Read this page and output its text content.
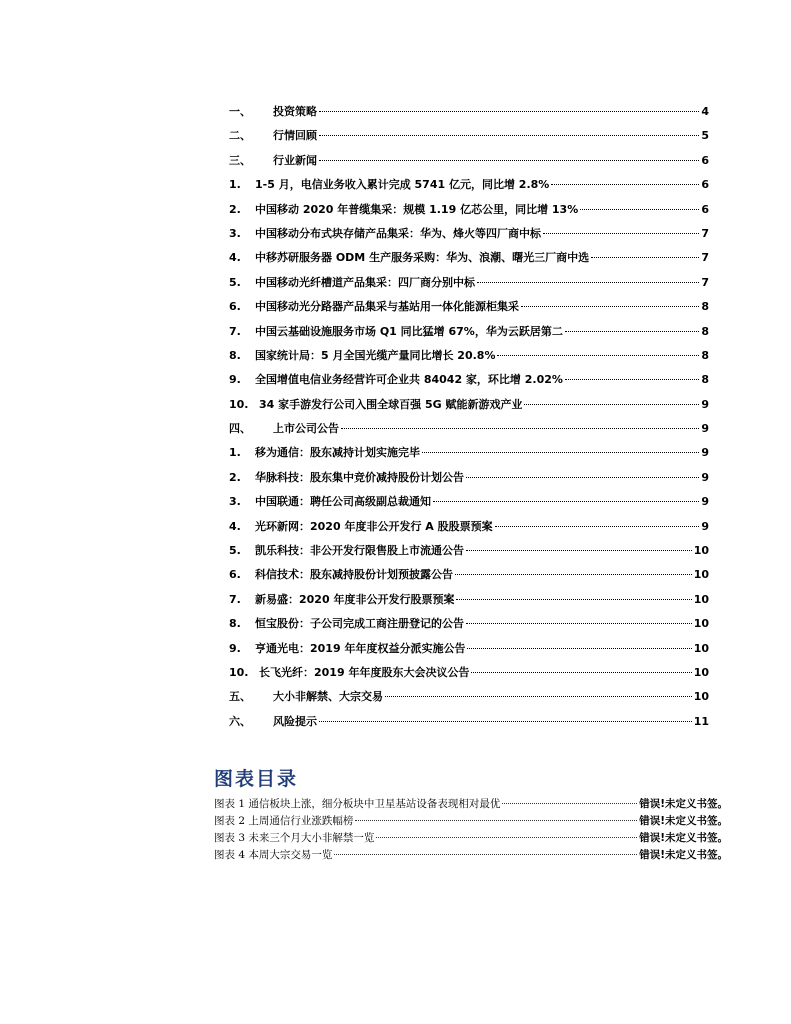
一、	投资策略	4
二、	行情回顾	5
三、	行业新闻	6
1.	1-5 月，电信业务收入累计完成 5741 亿元，同比增 2.8%	6
2.	中国移动 2020 年普缆集采：规模 1.19 亿芯公里，同比增 13%	6
3.	中国移动分布式块存储产品集采：华为、烽火等四厂商中标	7
4.	中移苏研服务器 ODM 生产服务采购：华为、浪潮、曙光三厂商中选	7
5.	中国移动光纤槽道产品集采：四厂商分别中标	7
6.	中国移动光分路器产品集采与基站用一体化能源柜集采	8
7.	中国云基础设施服务市场 Q1 同比猛增 67%，华为云跃居第二	8
8.	国家统计局：5 月全国光缆产量同比增长 20.8%	8
9.	全国增值电信业务经营许可企业共 84042 家，环比增 2.02%	8
10. 34 家手游发行公司入围全球百强 5G 赋能新游戏产业	9
四、	上市公司公告	9
1.	移为通信：股东减持计划实施完毕	9
2.	华脉科技：股东集中竞价减持股份计划公告	9
3.	中国联通：聘任公司高级副总裁通知	9
4.	光环新网：2020 年度非公开发行 A 股股票预案	9
5.	凯乐科技：非公开发行限售股上市流通公告	10
6.	科信技术：股东减持股份计划预披露公告	10
7.	新易盛：2020 年度非公开发行股票预案	10
8.	恒宝股份：子公司完成工商注册登记的公告	10
9.	亨通光电：2019 年年度权益分派实施公告	10
10. 长飞光纤：2019 年年度股东大会决议公告	10
五、	大小非解禁、大宗交易	10
六、	风险提示	11
图表目录
图表 1 通信板块上涨，细分板块中卫星基站设备表现相对最优	错误!未定义书签。
图表 2 上周通信行业涨跌幅榜	错误!未定义书签。
图表 3 未来三个月大小非解禁一览	错误!未定义书签。
图表 4 本周大宗交易一览	错误!未定义书签。
